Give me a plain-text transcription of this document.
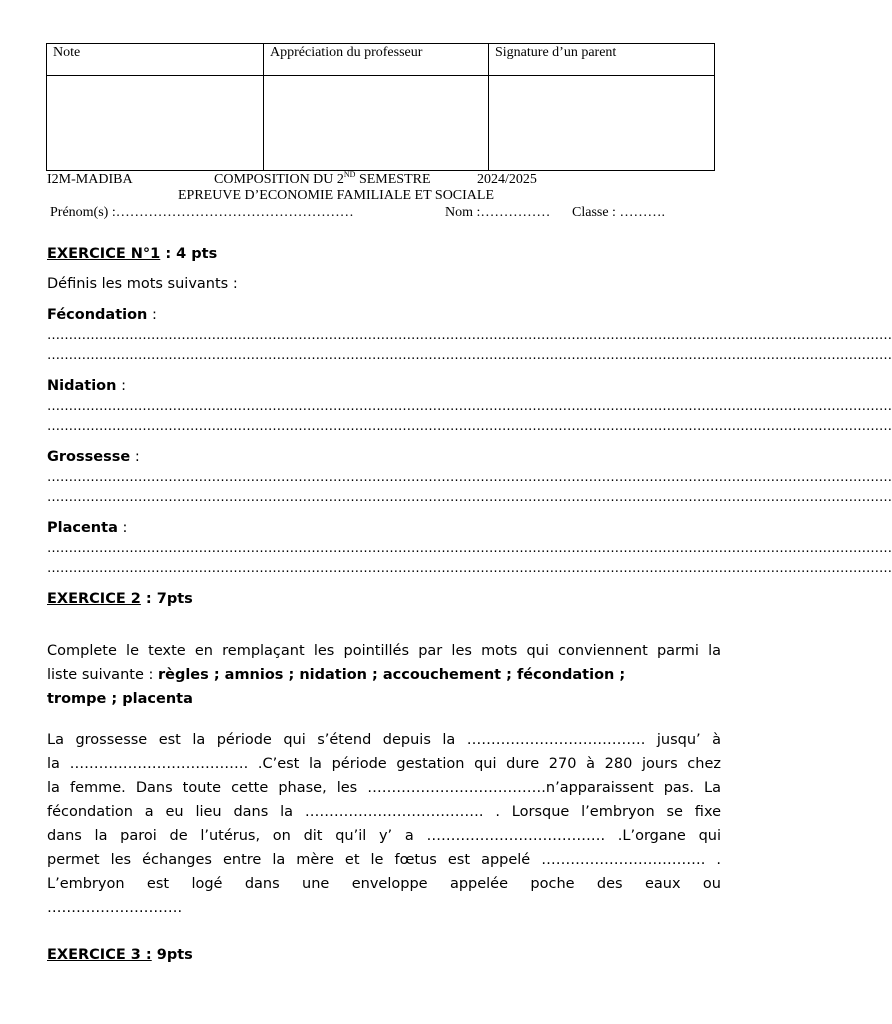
Note	Appréciation du professeur	Signature d’un parent

I2M-MADIBA	COMPOSITION DU 2ND SEMESTRE	2024/2025
EPREUVE D’ECONOMIE FAMILIALE ET SOCIALE
Prénom(s) :……………………………………………	Nom :…………… Classe : ……….
EXERCICE N°1 : 4 pts
Définis les mots suivants :
Fécondation :
……………………………………………………………………………………………………………………………………………………………………………
……………………………………………………………………………………………………………………………………………………………………………
Nidation :
……………………………………………………………………………………………………………………………………………………………………………
……………………………………………………………………………………………………………………………………………………………………………
Grossesse :
……………………………………………………………………………………………………………………………………………………………………………
……………………………………………………………………………………………………………………………………………………………………………
Placenta :
……………………………………………………………………………………………………………………………………………………………………………
……………………………………………………………………………………………………………………………………………………………………………
EXERCICE 2 : 7pts
Complete le texte en remplaçant les pointillés par les mots qui conviennent parmi la
liste suivante : règles ; amnios ; nidation ; accouchement ; fécondation ;
trompe ; placenta
La grossesse est la période qui s’étend depuis la ………………………………. jusqu’ à
la ………………………………. .C’est la période gestation qui dure 270 à 280 jours chez
la femme. Dans toute cette phase, les ……………………………….n’apparaissent pas. La
fécondation a eu lieu dans la ………………………………. . Lorsque l’embryon se fixe
dans la paroi de l’utérus, on dit qu’il y’ a ………………………………. .L’organe qui
permet les échanges entre la mère et le fœtus est appelé ……………………………. .
L’embryon est logé dans une enveloppe appelée poche des eaux ou
……………………….
EXERCICE 3 : 9pts
